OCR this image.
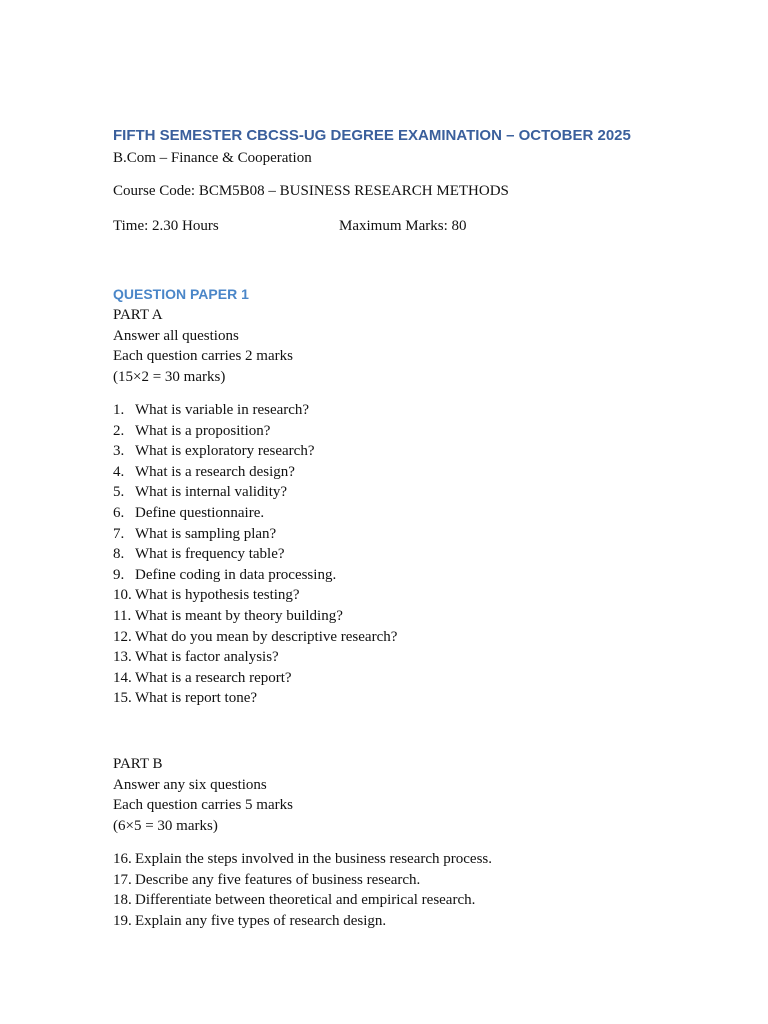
FIFTH SEMESTER CBCSS-UG DEGREE EXAMINATION – OCTOBER 2025
B.Com – Finance & Cooperation
Course Code: BCM5B08 – BUSINESS RESEARCH METHODS
Time: 2.30 Hours	Maximum Marks: 80
QUESTION PAPER 1
PART A
Answer all questions
Each question carries 2 marks
(15×2 = 30 marks)
1. What is variable in research?
2. What is a proposition?
3. What is exploratory research?
4. What is a research design?
5. What is internal validity?
6. Define questionnaire.
7. What is sampling plan?
8. What is frequency table?
9. Define coding in data processing.
10. What is hypothesis testing?
11. What is meant by theory building?
12. What do you mean by descriptive research?
13. What is factor analysis?
14. What is a research report?
15. What is report tone?
PART B
Answer any six questions
Each question carries 5 marks
(6×5 = 30 marks)
16. Explain the steps involved in the business research process.
17. Describe any five features of business research.
18. Differentiate between theoretical and empirical research.
19. Explain any five types of research design.
